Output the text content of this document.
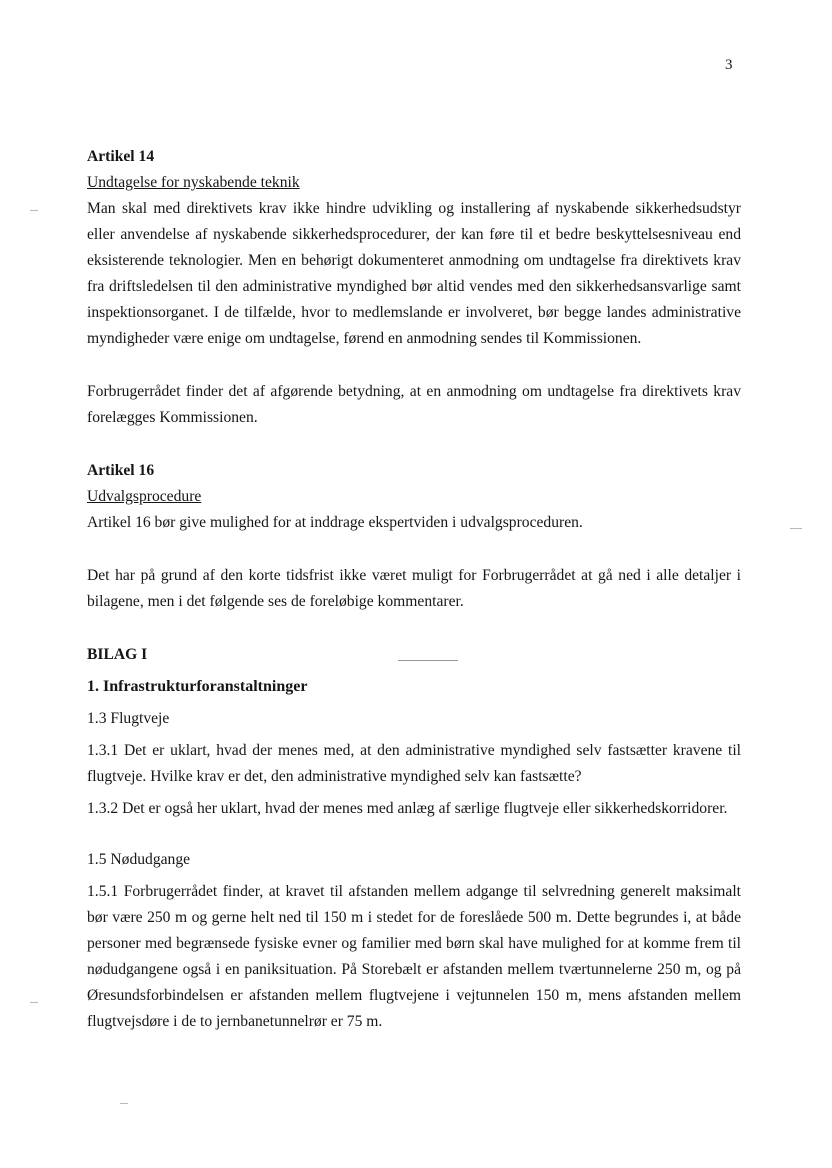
3

Artikel 14

Undtagelse for nyskabende teknik

Man skal med direktivets krav ikke hindre udvikling og installering af nyskabende sikkerhedsudstyr eller anvendelse af nyskabende sikkerhedsprocedurer, der kan føre til et bedre beskyttelsesniveau end eksisterende teknologier. Men en behørigt dokumenteret anmodning om undtagelse fra direktivets krav fra driftsledelsen til den administrative myndighed bør altid vendes med den sikkerhedsansvarlige samt inspektionsorganet. I de tilfælde, hvor to medlemslande er involveret, bør begge landes administrative myndigheder være enige om undtagelse, førend en anmodning sendes til Kommissionen.

Forbrugerrådet finder det af afgørende betydning, at en anmodning om undtagelse fra direktivets krav forelægges Kommissionen.

Artikel 16

Udvalgsprocedure

Artikel 16 bør give mulighed for at inddrage ekspertviden i udvalgsproceduren.

Det har på grund af den korte tidsfrist ikke været muligt for Forbrugerrådet at gå ned i alle detaljer i bilagene, men i det følgende ses de foreløbige kommentarer.

BILAG I

1. Infrastrukturforanstaltninger

1.3 Flugtveje

1.3.1 Det er uklart, hvad der menes med, at den administrative myndighed selv fastsætter kravene til flugtveje. Hvilke krav er det, den administrative myndighed selv kan fastsætte?

1.3.2 Det er også her uklart, hvad der menes med anlæg af særlige flugtveje eller sikkerhedskorridorer.

1.5 Nødudgange

1.5.1 Forbrugerrådet finder, at kravet til afstanden mellem adgange til selvredning generelt maksimalt bør være 250 m og gerne helt ned til 150 m i stedet for de foreslåede 500 m. Dette begrundes i, at både personer med begrænsede fysiske evner og familier med børn skal have mulighed for at komme frem til nødudgangene også i en paniksituation. På Storebælt er afstanden mellem tværtunnelerne 250 m, og på Øresundsforbindelsen er afstanden mellem flugtvejene i vejtunnelen 150 m, mens afstanden mellem flugtvejsdøre i de to jernbanetunnelrør er 75 m.
